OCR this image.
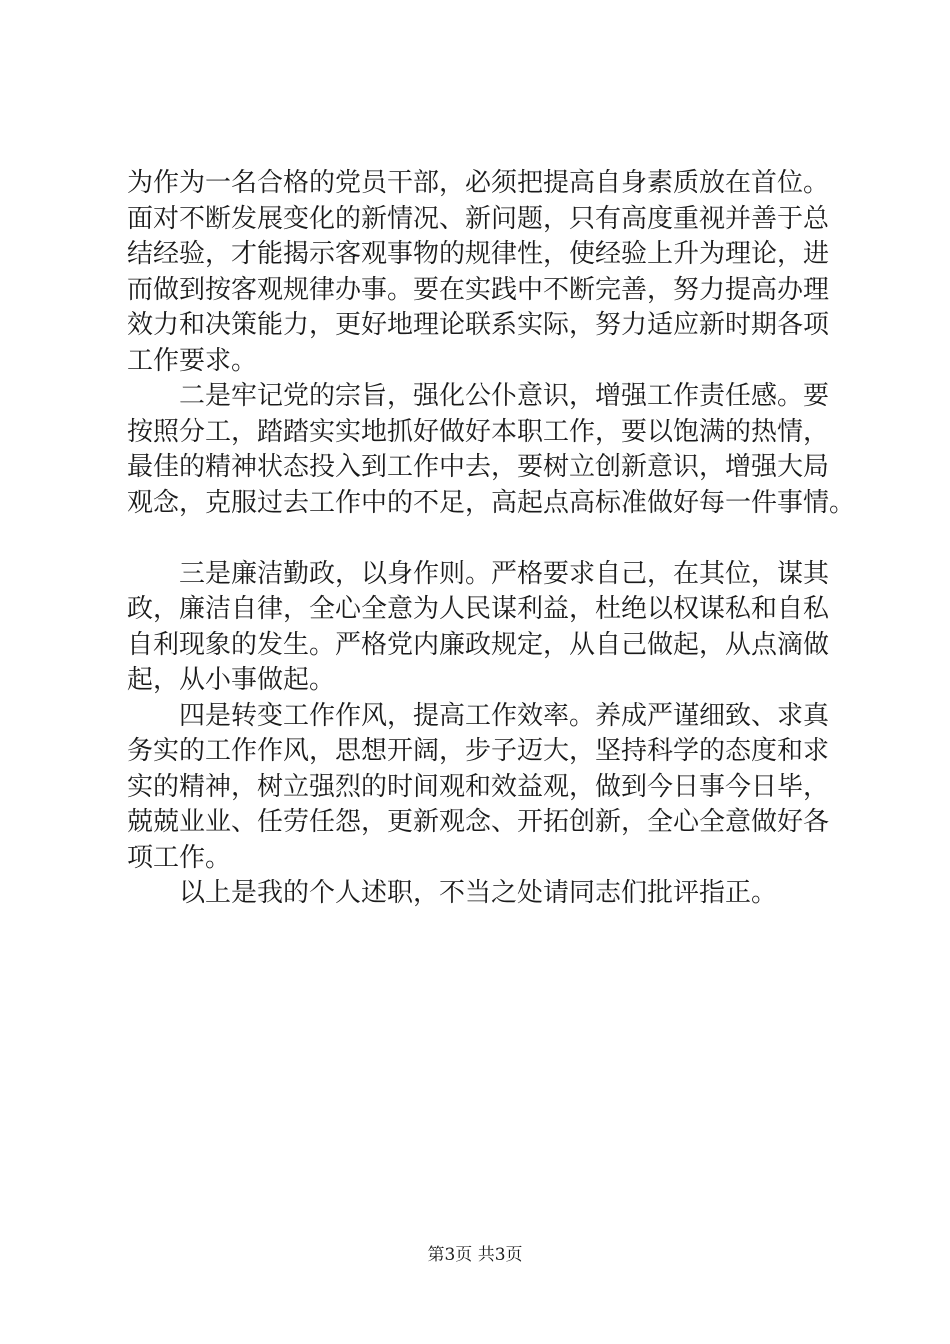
为作为一名合格的党员干部，必须把提高自身素质放在首位。

面对不断发展变化的新情况、新问题，只有高度重视并善于总

结经验，才能揭示客观事物的规律性，使经验上升为理论，进

而做到按客观规律办事。要在实践中不断完善，努力提高办理

效力和决策能力，更好地理论联系实际，努力适应新时期各项

工作要求。

　　二是牢记党的宗旨，强化公仆意识，增强工作责任感。要

按照分工，踏踏实实地抓好做好本职工作，要以饱满的热情，

最佳的精神状态投入到工作中去，要树立创新意识，增强大局

观念，克服过去工作中的不足，高起点高标准做好每一件事情。

　　三是廉洁勤政，以身作则。严格要求自己，在其位，谋其

政，廉洁自律，全心全意为人民谋利益，杜绝以权谋私和自私

自利现象的发生。严格党内廉政规定，从自己做起，从点滴做

起，从小事做起。

　　四是转变工作作风，提高工作效率。养成严谨细致、求真

务实的工作作风，思想开阔，步子迈大，坚持科学的态度和求

实的精神，树立强烈的时间观和效益观，做到今日事今日毕，

兢兢业业、任劳任怨，更新观念、开拓创新，全心全意做好各

项工作。

　　以上是我的个人述职，不当之处请同志们批评指正。

第3页 共3页
